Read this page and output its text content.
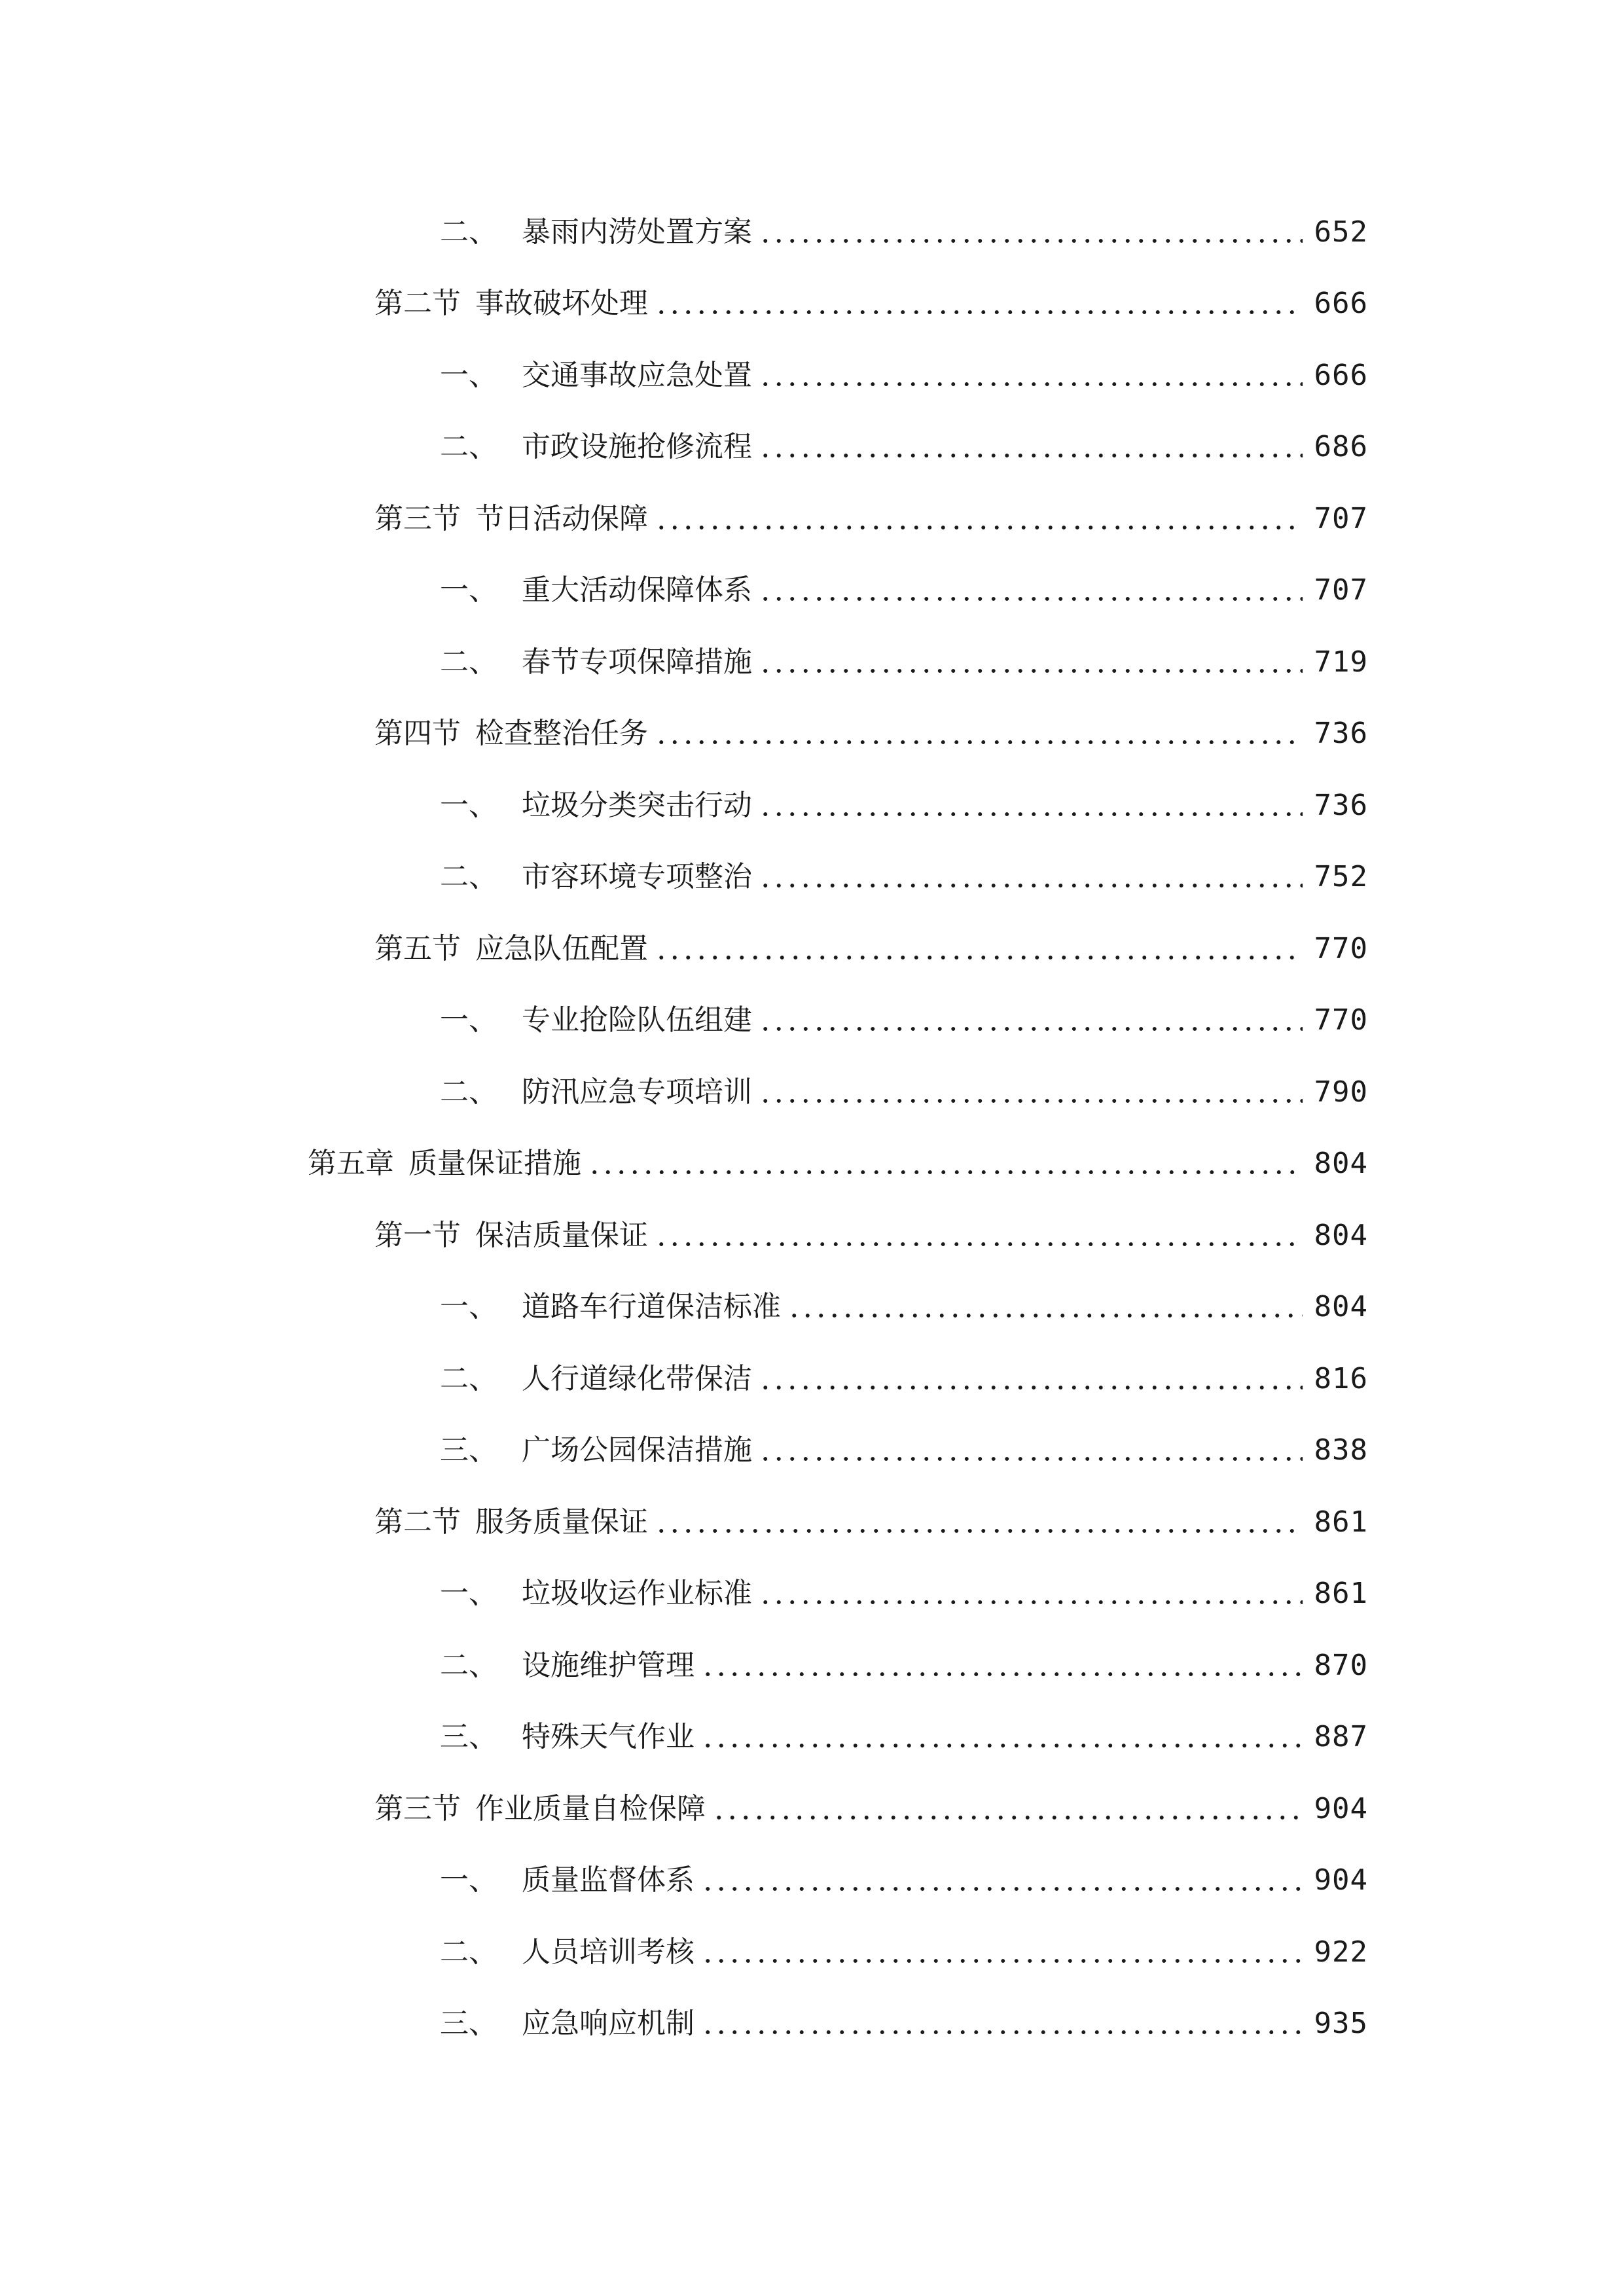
二、 暴雨内涝处置方案	652
第二节 事故破坏处理	666
一、 交通事故应急处置	666
二、 市政设施抢修流程	686
第三节 节日活动保障	707
一、 重大活动保障体系	707
二、 春节专项保障措施	719
第四节 检查整治任务	736
一、 垃圾分类突击行动	736
二、 市容环境专项整治	752
第五节 应急队伍配置	770
一、 专业抢险队伍组建	770
二、 防汛应急专项培训	790
第五章 质量保证措施	804
第一节 保洁质量保证	804
一、 道路车行道保洁标准	804
二、 人行道绿化带保洁	816
三、 广场公园保洁措施	838
第二节 服务质量保证	861
一、 垃圾收运作业标准	861
二、 设施维护管理	870
三、 特殊天气作业	887
第三节 作业质量自检保障	904
一、 质量监督体系	904
二、 人员培训考核	922
三、 应急响应机制	935
